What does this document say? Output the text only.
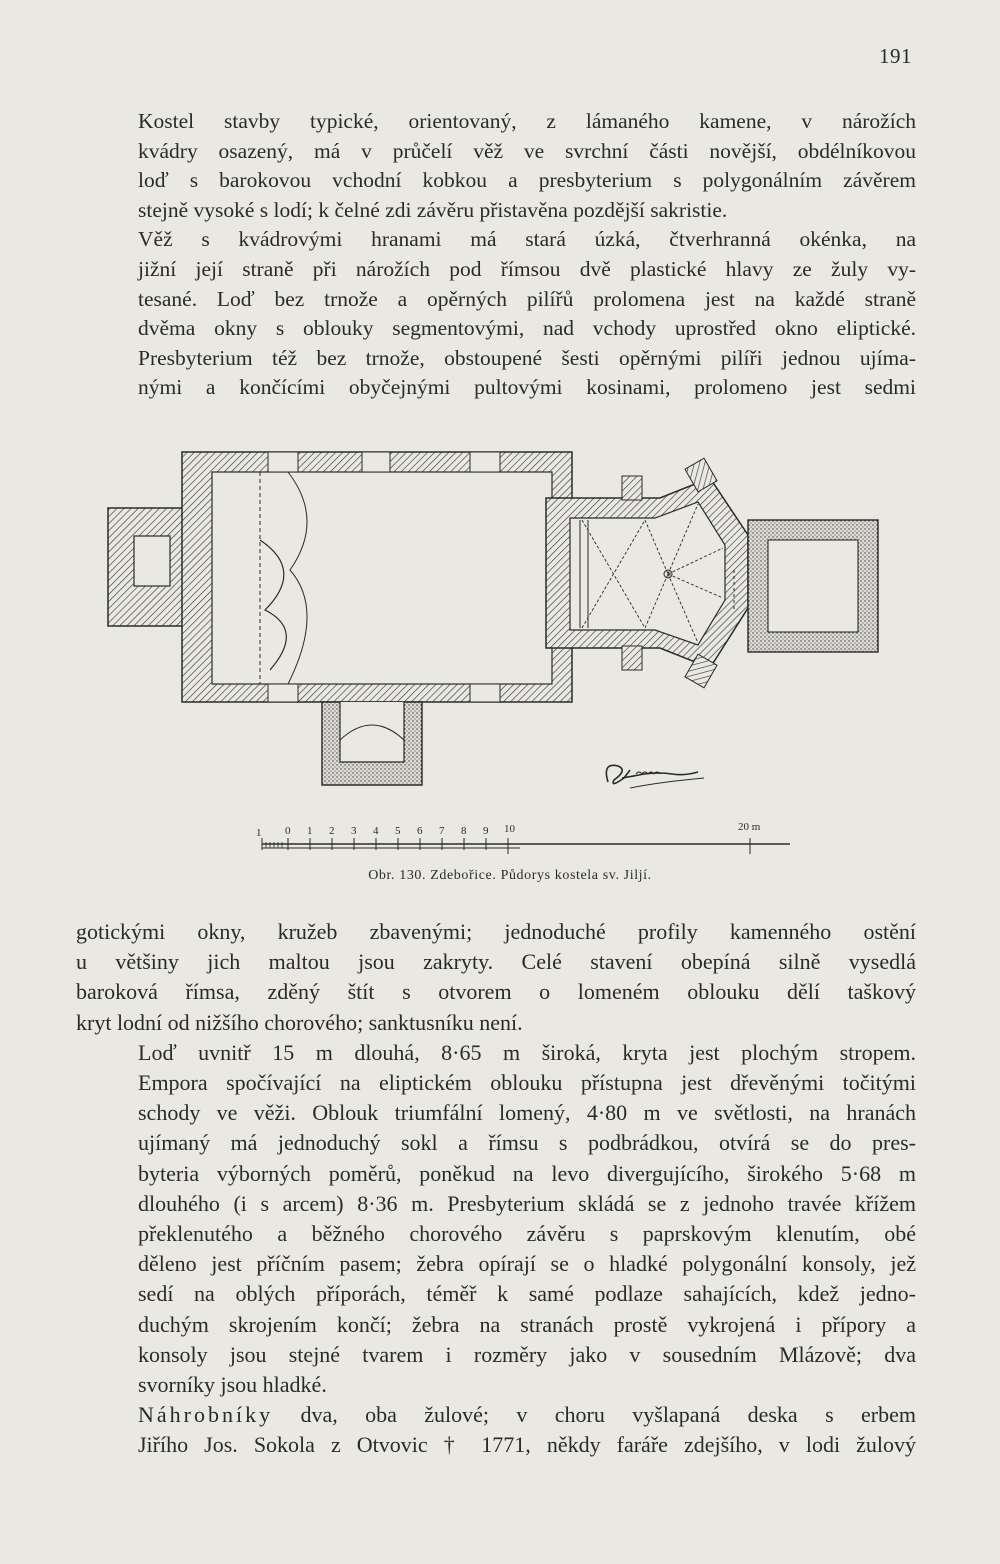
191

Kostel stavby typické, orientovaný, z lámaného kamene, v nárožích
kvádry osazený, má v průčelí věž ve svrchní části novější, obdélníkovou
loď s barokovou vchodní kobkou a presbyterium s polygonálním závěrem
stejně vysoké s lodí; k čelné zdi závěru přistavěna pozdější sakristie.

Věž s kvádrovými hranami má stará úzká, čtverhranná okénka, na
jižní její straně při nárožích pod římsou dvě plastické hlavy ze žuly vy-
tesané. Loď bez trnože a opěrných pilířů prolomena jest na každé straně
dvěma okny s oblouky segmentovými, nad vchody uprostřed okno eliptické.
Presbyterium též bez trnože, obstoupené šesti opěrnými pilíři jednou ujíma-
nými a končícími obyčejnými pultovými kosinami, prolomeno jest sedmi

1 0 1 2 3 4 5 6 7 8 9 10	20 m
Obr. 130. Zdebořice. Půdorys kostela sv. Jiljí.

gotickými okny, kružeb zbavenými; jednoduché profily kamenného ostění
u většiny jich maltou jsou zakryty. Celé stavení obepíná silně vysedlá
baroková římsa, zděný štít s otvorem o lomeném oblouku dělí taškový
kryt lodní od nižšího chorového; sanktusníku není.

Loď uvnitř 15 m dlouhá, 8·65 m široká, kryta jest plochým stropem.
Empora spočívající na eliptickém oblouku přístupna jest dřevěnými točitými
schody ve věži. Oblouk triumfální lomený, 4·80 m ve světlosti, na hranách
ujímaný má jednoduchý sokl a římsu s podbrádkou, otvírá se do pres-
byteria výborných poměrů, poněkud na levo divergujícího, širokého 5·68 m
dlouhého (i s arcem) 8·36 m. Presbyterium skládá se z jednoho travée křížem
překlenutého a běžného chorového závěru s paprskovým klenutím, obé
děleno jest příčním pasem; žebra opírají se o hladké polygonální konsoly, jež
sedí na oblých příporách, téměř k samé podlaze sahajících, kdež jedno-
duchým skrojením končí; žebra na stranách prostě vykrojená i přípory a
konsoly jsou stejné tvarem i rozměry jako v sousedním Mlázově; dva
svorníky jsou hladké.

Náhrobníky dva, oba žulové; v choru vyšlapaná deska s erbem
Jiřího Jos. Sokola z Otvovic † 1771, někdy faráře zdejšího, v lodi žulový
